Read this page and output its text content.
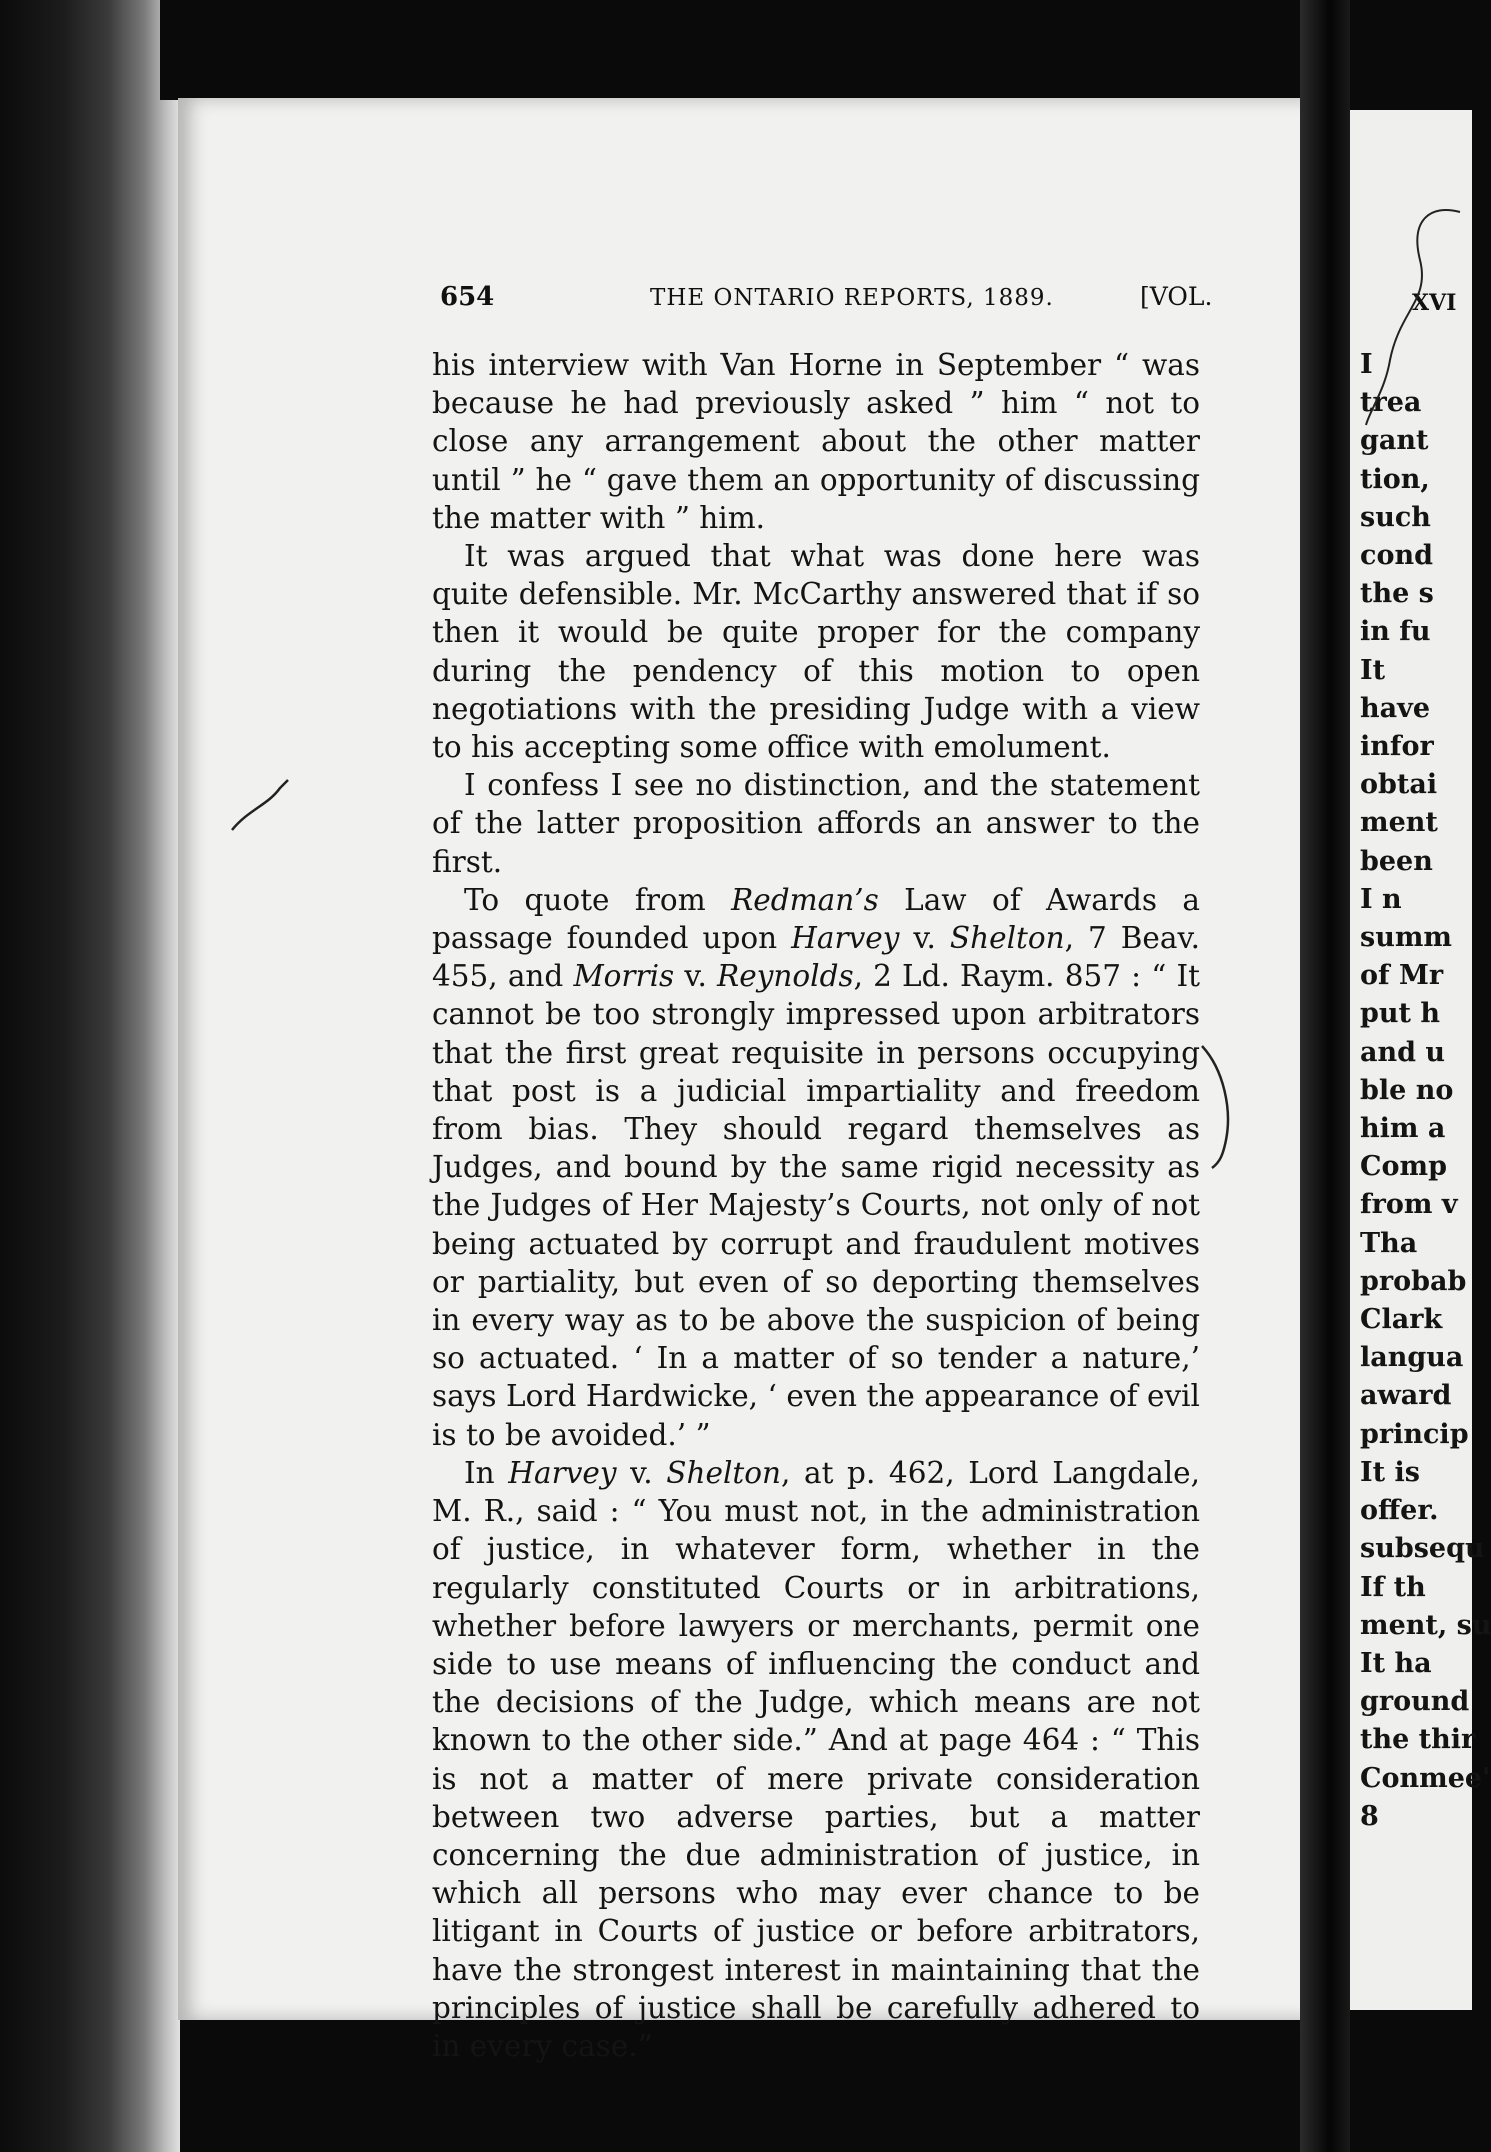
654	THE ONTARIO REPORTS, 1889.	[VOL.

his interview with Van Horne in September “ was because he had previously asked ” him “ not to close any arrangement about the other matter until ” he “ gave them an opportunity of discussing the matter with ” him.

It was argued that what was done here was quite defensible. Mr. McCarthy answered that if so then it would be quite proper for the company during the pendency of this motion to open negotiations with the presiding Judge with a view to his accepting some office with emolument.

I confess I see no distinction, and the statement of the latter proposition affords an answer to the first.

To quote from Redman’s Law of Awards a passage founded upon Harvey v. Shelton, 7 Beav. 455, and Morris v. Reynolds, 2 Ld. Raym. 857 : “ It cannot be too strongly impressed upon arbitrators that the first great requisite in persons occupying that post is a judicial impartiality and freedom from bias. They should regard themselves as Judges, and bound by the same rigid necessity as the Judges of Her Majesty’s Courts, not only of not being actuated by corrupt and fraudulent motives or partiality, but even of so deporting themselves in every way as to be above the suspicion of being so actuated. ‘ In a matter of so tender a nature,’ says Lord Hardwicke, ‘ even the appearance of evil is to be avoided.’ ”

In Harvey v. Shelton, at p. 462, Lord Langdale, M. R., said : “ You must not, in the administration of justice, in whatever form, whether in the regularly constituted Courts or in arbitrations, whether before lawyers or merchants, permit one side to use means of influencing the conduct and the decisions of the Judge, which means are not known to the other side.” And at page 464 : “ This is not a matter of mere private consideration between two adverse parties, but a matter concerning the due administration of justice, in which all persons who may ever chance to be litigant in Courts of justice or before arbitrators, have the strongest interest in maintaining that the principles of justice shall be carefully adhered to in every case.”

XVI
I
trea
gant
tion,
such
cond
the s
in fu
It
have
infor
obtai
ment
been
I n
summ
of Mr
put h
and u
ble no
him a
Comp
from v
Tha
probab
Clark
langua
award
princip
It is
offer.
subsequ
If th
ment, su
It ha
ground
the thir
Conmee'
8
